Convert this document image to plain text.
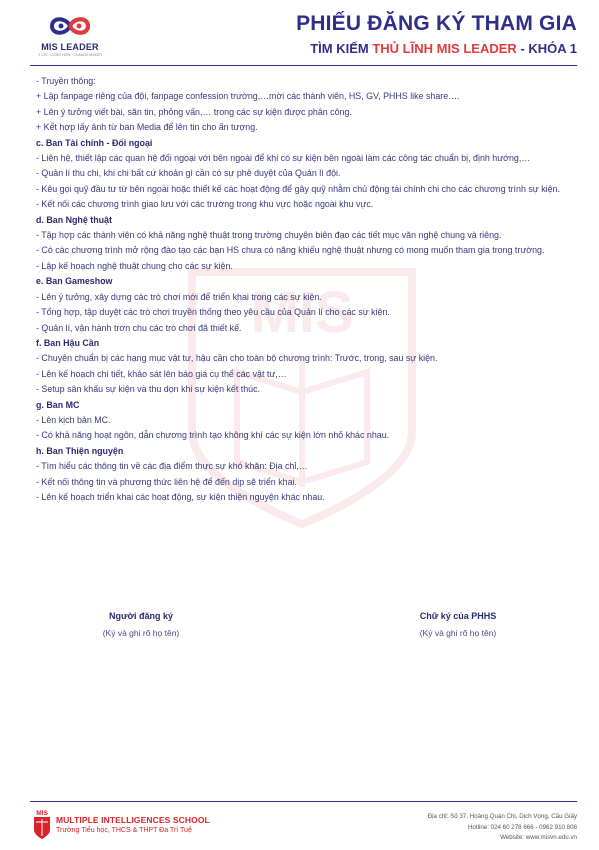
MIS LEADER
Ý CHÍ · CỐNG HIẾN · CHANGE MAKER
PHIẾU ĐĂNG KÝ THAM GIA
TÌM KIẾM THỦ LĨNH MIS LEADER - KHÓA 1
MIS
- Truyền thông:
+ Lập fanpage riêng của đội, fanpage confession trường,…mời các thành viên, HS, GV, PHHS like share….
+ Lên ý tưởng viết bài, săn tin, phỏng vấn,… trong các sự kiện được phân công.
+ Kết hợp lấy ảnh từ ban Media để lên tin cho ấn tượng.
c. Ban Tài chính - Đối ngoại
- Liên hệ, thiết lập các quan hệ đối ngoại với bên ngoài để khi có sự kiện bên ngoài làm các công tác chuẩn bị, định hướng,…
- Quản lí thu chi, khi chi bất cứ khoản gì cần có sự phê duyệt của Quản lí đội.
- Kêu gọi quỹ đầu tư từ bên ngoài hoặc thiết kế các hoạt động để gây quỹ nhằm chủ động tài chính chi cho các chương trình sự kiện.
- Kết nối các chương trình giao lưu với các trường trong khu vực hoặc ngoài khu vực.
d. Ban Nghệ thuật
- Tập hợp các thành viên có khả năng nghệ thuật trong trường chuyên biên đạo các tiết mục văn nghệ chung và riêng.
- Có các chương trình mở rộng đào tạo các bạn HS chưa có năng khiếu nghệ thuật nhưng có mong muốn tham gia trong trường.
- Lập kế hoạch nghệ thuật chung cho các sự kiện.
e. Ban Gameshow
- Lên ý tưởng, xây dựng các trò chơi mới để triển khai trong các sự kiện.
- Tổng hợp, tập duyệt các trò chơi truyền thống theo yêu cầu của Quản lí cho các sự kiện.
- Quản lí, vận hành trơn chu các trò chơi đã thiết kế.
f. Ban Hậu Cần
- Chuyên chuẩn bị các hạng mục vật tư, hậu cần cho toàn bộ chương trình: Trước, trong, sau sự kiện.
- Lên kế hoạch chi tiết, khảo sát lên báo giá cụ thể các vật tư,…
- Setup sân khấu sự kiện và thu dọn khi sự kiện kết thúc.
g. Ban MC
- Lên kịch bản MC.
- Có khả năng hoạt ngôn, dẫn chương trình tạo không khí các sự kiện lớn nhỏ khác nhau.
h. Ban Thiện nguyện
- Tìm hiểu các thông tin về các địa điểm thực sự khó khăn: Địa chỉ,…
- Kết nối thông tin và phương thức liên hệ để đến dịp sẽ triển khai.
- Lên kế hoạch triển khai các hoạt động, sự kiện thiện nguyện khác nhau.
Người đăng ký
(Ký và ghi rõ họ tên)
Chữ ký của PHHS
(Ký và ghi rõ họ tên)
MIS
MULTIPLE INTELLIGENCES SCHOOL
Trường Tiểu học, THCS & THPT Đa Trí Tuệ
Địa chỉ: Số 37, Hoàng Quán Chi, Dịch Vọng, Cầu Giấy
Hotline: 024 60 278 666 - 0962 910 808
Website: www.misvn.edu.vn
